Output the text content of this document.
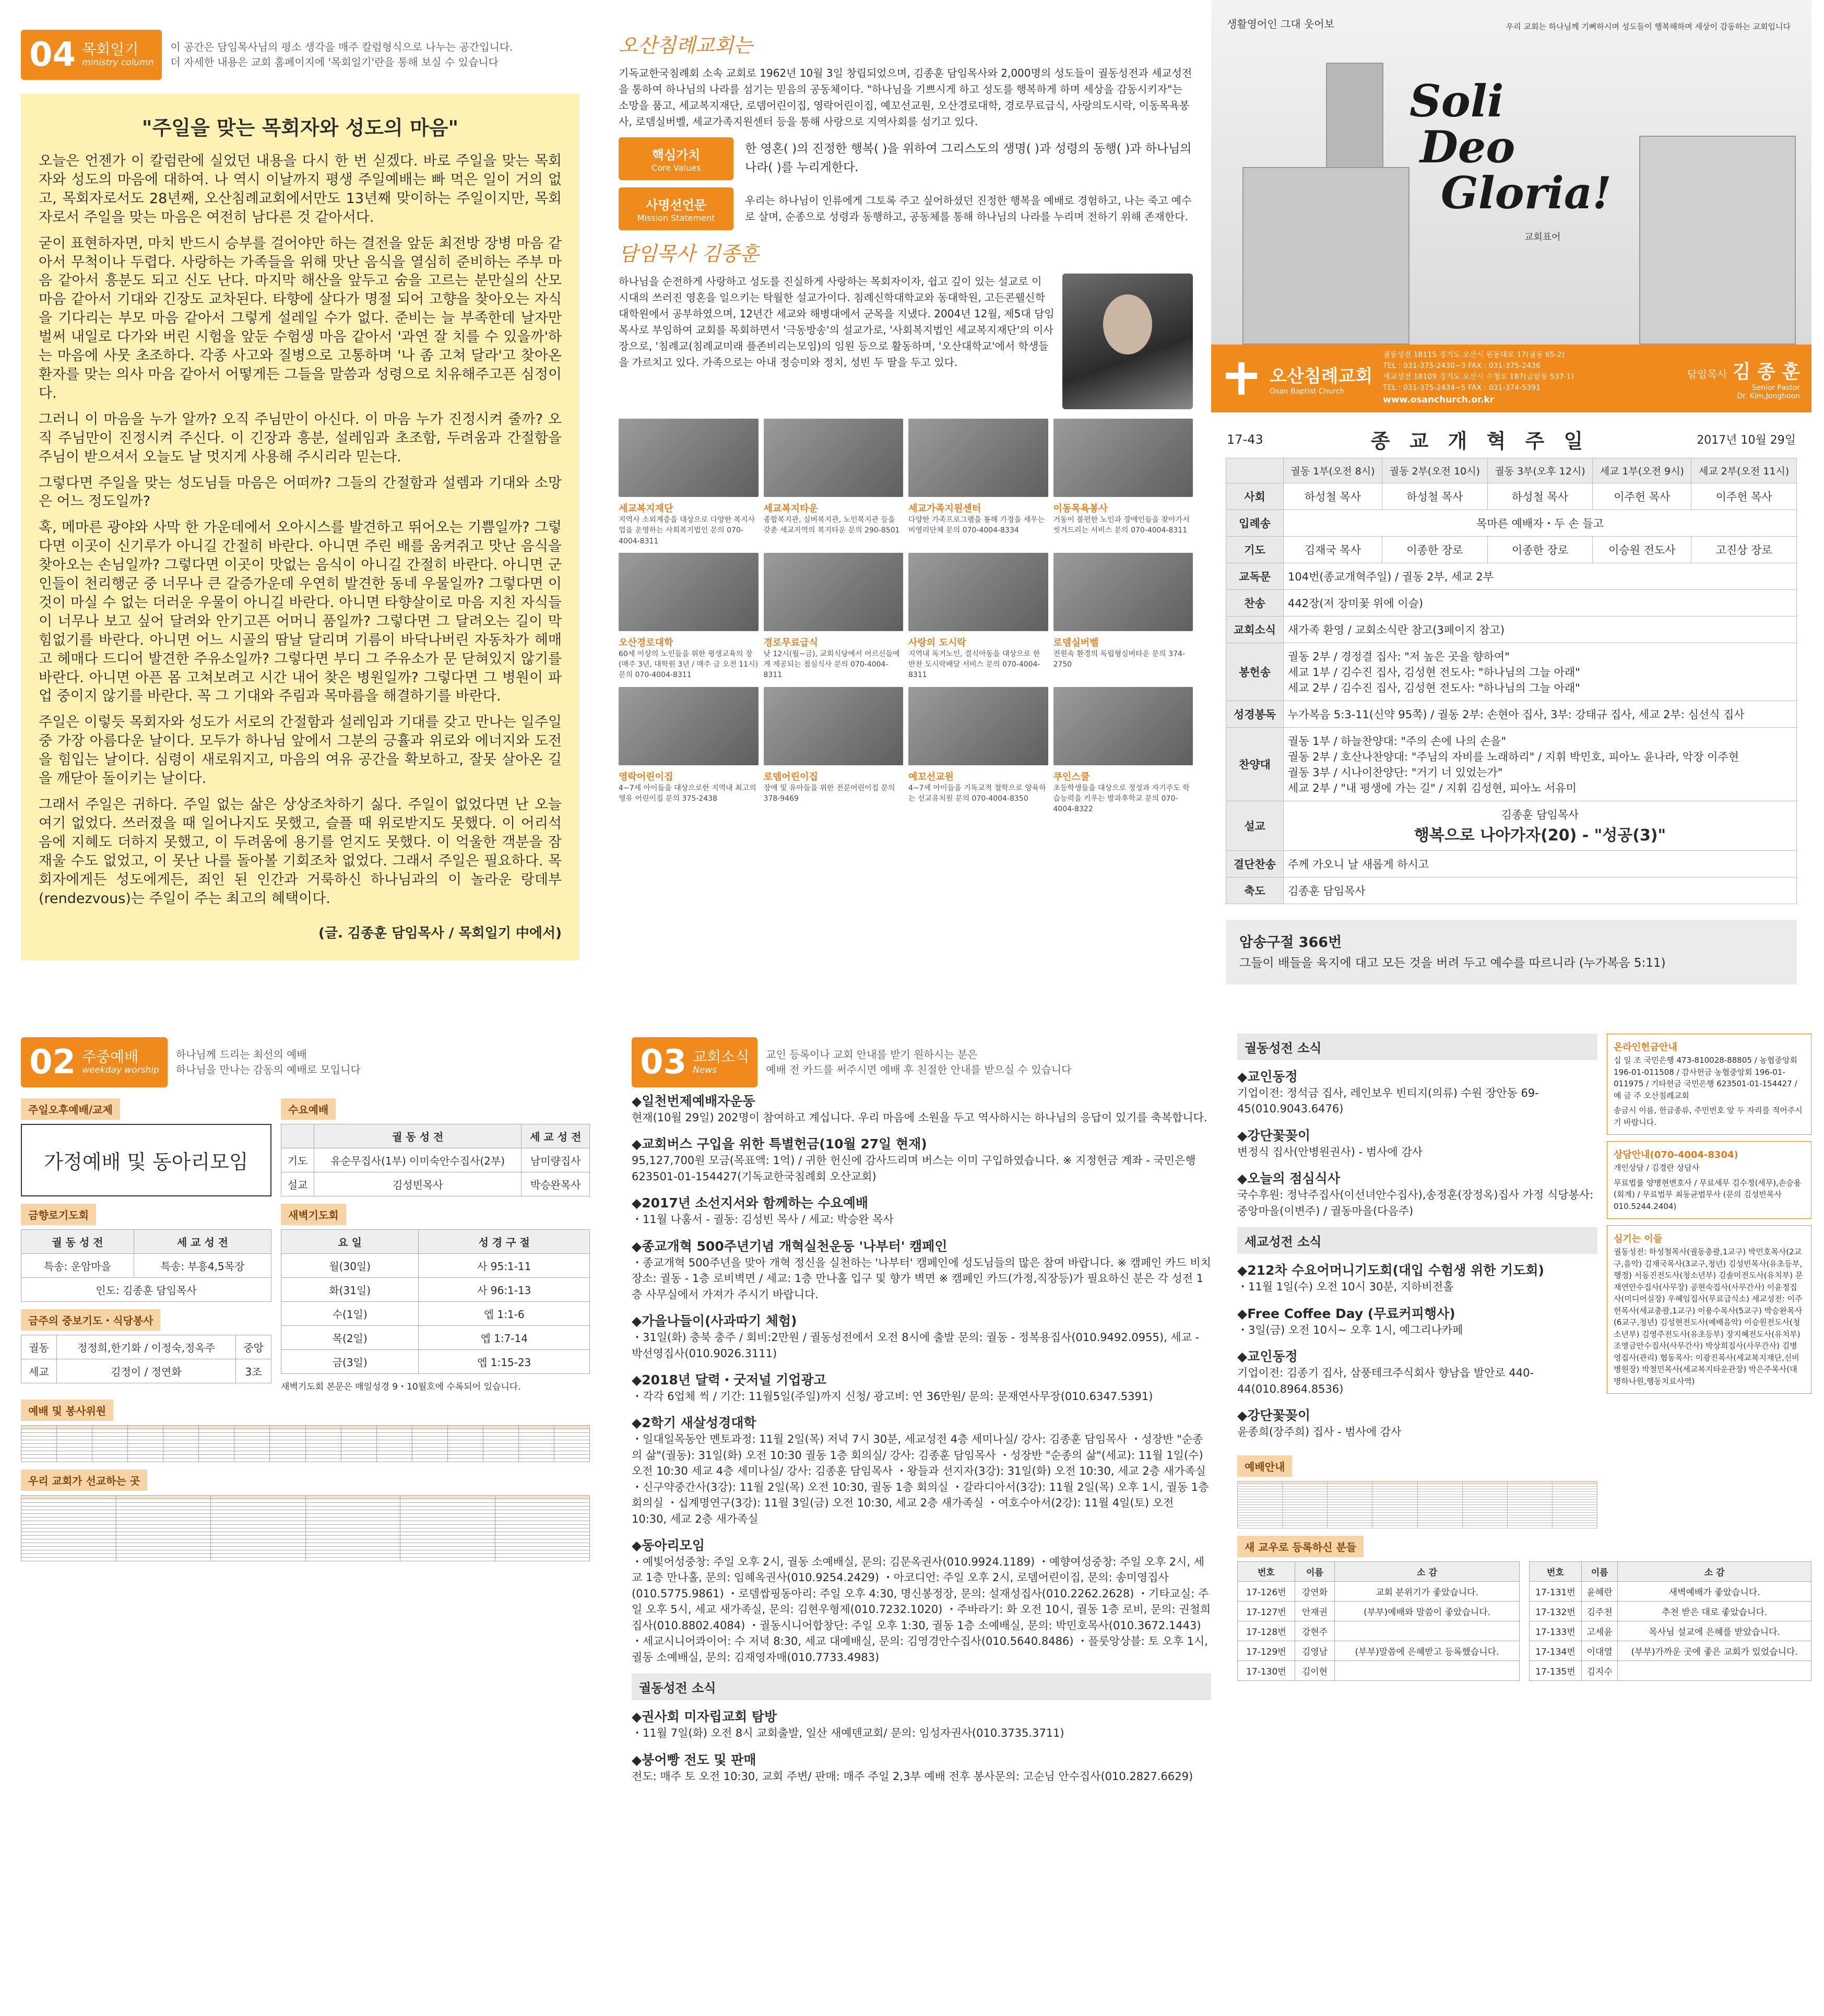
04 목회일기
ministry column
이 공간은 담임목사님의 평소 생각을 매주 칼럼형식으로 나누는 공간입니다.
더 자세한 내용은 교회 홈페이지에 '목회일기'란을 통해 보실 수 있습니다
"주일을 맞는 목회자와 성도의 마음"

오늘은 언젠가 이 칼럼란에 실었던 내용을 다시 한 번 싣겠다. 바로 주일을 맞는 목회자와 성도의 마음에 대하여. 나 역시 이날까지 평생 주일예배는 빠 먹은 일이 거의 없고, 목회자로서도 28년째, 오산침례교회에서만도 13년째 맞이하는 주일이지만, 목회자로서 주일을 맞는 마음은 여전히 남다른 것 같아서다.

굳이 표현하자면, 마치 반드시 승부를 걸어야만 하는 결전을 앞둔 최전방 장병 마음 같아서 무척이나 두렵다. 사랑하는 가족들을 위해 맛난 음식을 열심히 준비하는 주부 마음 같아서 흥분도 되고 신도 난다. 마지막 해산을 앞두고 숨을 고르는 분만실의 산모 마음 같아서 기대와 긴장도 교차된다. 타향에 살다가 명절 되어 고향을 찾아오는 자식을 기다리는 부모 마음 같아서 그렇게 설레일 수가 없다. 준비는 늘 부족한데 날자만 벌써 내일로 다가와 버린 시험을 앞둔 수험생 마음 같아서 '과연 잘 치를 수 있을까'하는 마음에 사뭇 초조하다. 각종 사고와 질병으로 고통하며 '나 좀 고쳐 달라'고 찾아온 환자를 맞는 의사 마음 같아서 어떻게든 그들을 말씀과 성령으로 치유해주고픈 심정이다.

그러니 이 마음을 누가 알까? 오직 주님만이 아신다. 이 마음 누가 진정시켜 줄까? 오직 주님만이 진정시켜 주신다. 이 긴장과 흥분, 설레임과 초조함, 두려움과 간절함을 주님이 받으셔서 오늘도 날 멋지게 사용해 주시리라 믿는다.

그렇다면 주일을 맞는 성도님들 마음은 어떠까? 그들의 간절함과 설렘과 기대와 소망은 어느 정도일까?

혹, 메마른 광야와 사막 한 가운데에서 오아시스를 발견하고 뛰어오는 기쁨일까? 그렇다면 이곳이 신기루가 아니길 간절히 바란다. 아니면 주린 배를 움켜쥐고 맛난 음식을 찾아오는 손님일까? 그렇다면 이곳이 맛없는 음식이 아니길 간절히 바란다. 아니면 군인들이 천리행군 중 너무나 큰 갈증가운데 우연히 발견한 동네 우물일까? 그렇다면 이것이 마실 수 없는 더러운 우물이 아니길 바란다. 아니면 타향살이로 마음 지친 자식들이 너무나 보고 싶어 달려와 안기고픈 어머니 품일까? 그렇다면 그 달려오는 길이 막힘없기를 바란다. 아니면 어느 시골의 땀날 달리며 기름이 바닥나버린 자동차가 헤매고 헤매다 드디어 발견한 주유소일까? 그렇다면 부디 그 주유소가 문 닫혀있지 않기를 바란다. 아니면 아픈 몸 고쳐보려고 시간 내어 찾은 병원일까? 그렇다면 그 병원이 파업 중이지 않기를 바란다. 꼭 그 기대와 주림과 목마름을 해결하기를 바란다.

주일은 이렇듯 목회자와 성도가 서로의 간절함과 설레임과 기대를 갖고 만나는 일주일 중 가장 아름다운 날이다. 모두가 하나님 앞에서 그분의 긍휼과 위로와 에너지와 도전을 힘입는 날이다. 심령이 새로워지고, 마음의 여유 공간을 확보하고, 잘못 살아온 길을 깨닫아 돌이키는 날이다.

그래서 주일은 귀하다. 주일 없는 삶은 상상조차하기 싫다. 주일이 없었다면 난 오늘 여기 없었다. 쓰러졌을 때 일어나지도 못했고, 슬플 때 위로받지도 못했다. 이 어리석음에 지혜도 더하지 못했고, 이 두려움에 용기를 얻지도 못했다. 이 억울한 객분을 잠재울 수도 없었고, 이 못난 나를 돌아볼 기회조차 없었다. 그래서 주일은 필요하다. 목회자에게든 성도에게든, 죄인 된 인간과 거룩하신 하나님과의 이 놀라운 랑데부(rendezvous)는 주일이 주는 최고의 혜택이다.

(글. 김종훈 담임목사 / 목회일기 中에서)
오산침례교회는
기독교한국침례회 소속 교회로 1962년 10월 3일 창립되었으며, 김종훈 담임목사와 2,000명의 성도들이 궐동성전과 세교성전을 통하여 하나님의 나라를 섬기는 믿음의 공동체이다. "하나님을 기쁘시게 하고 성도를 행복하게 하며 세상을 감동시키자"는 소망을 품고, 세교복지재단, 로뎀어린이집, 영락어린이집, 예꼬선교원, 오산경로대학, 경로무료급식, 사랑의도시락, 이동목욕봉사, 로뎀실버벨, 세교가족지원센터 등을 통해 사랑으로 지역사회를 섬기고 있다.
핵심가치
Core Values
한 영혼( )의 진정한 행복( )을 위하여 그리스도의 생명( )과 성령의 동행( )과 하나님의 나라( )를 누리게한다.
사명선언문
Mission Statement
우리는 하나님이 인류에게 그토록 주고 싶어하셨던 진정한 행복을 예배로 경험하고, 나는 죽고 예수로 살며, 순종으로 성령과 동행하고, 공동체를 통해 하나님의 나라를 누리며 전하기 위해 존재한다.
담임목사 김종훈
하나님을 순전하게 사랑하고 성도를 진실하게 사랑하는 목회자이자, 쉽고 깊이 있는 설교로 이 시대의 쓰러진 영혼을 일으키는 탁월한 설교가이다. 침례신학대학교와 동대학원, 고든콘웰신학대학원에서 공부하였으며, 12년간 세교와 해병대에서 군목을 지냈다. 2004년 12월, 제5대 담임목사로 부임하여 교회를 목회하면서 '극동방송'의 설교가로, '사회복지법인 세교복지재단'의 이사장으로, '침례교(침례교미래 플존비리는모임)의 임원 등으로 활동하며, '오산대학교'에서 학생들을 가르치고 있다. 가족으로는 아내 정승미와 정치, 성빈 두 딸을 두고 있다.
세교복지재단
지역사 소외계층을 대상으로 다양한 복지사업을 운영하는 사회복지법인 문의 070-4004-8311
세교복지타운
종합복지관, 실버복지관, 노인복지관 등을 갖춘 세교지역의 복지타운 문의 290-8501
세교가족지원센터
다양한 가족프로그램을 통해 가정을 세우는 비영리단체 문의 070-4004-8334
이동목욕봉사
거동이 불편한 노인과 장애인들을 찾아가서 씻겨드리는 서비스 문의 070-4004-8311
오산경로대학
60세 이상의 노인들을 위한 평생교육의 장(매주 3년, 대학원 3년 / 매주 금 오전 11시) 문의 070-4004-8311
경로무료급식
낮 12시(월~금), 교회식당에서 어르신들에게 제공되는 점심식사 문의 070-4004-8311
사랑의 도시락
지역내 독거노인, 결식아동을 대상으로 한 반찬 도시락배달 서비스 문의 070-4004-8311
로뎀실버벨
전원속 환경의 독립형실버타운 문의 374-2750
영락어린이집
4~7세 아이들을 대상으로한 지역내 최고의 영유 어린이집 문의 375-2438
로뎀어린이집
장애 및 유아들을 위한 전문어린이집 문의 378-9469
예꼬선교원
4~7세 아이들을 기독교적 철학으로 양육하는 선교유치원 문의 070-4004-8350
쿠인스쿨
초등학생들을 대상으로 정성과 자기주도 학습능력을 키우는 방과후학교 문의 070-4004-8322
생활영어인 그대 웃어보	우리 교회는 하나님께 기뻐하시며 성도들이 행복해하며 세상이 감동하는 교회입니다
Soli
Deo
Gloria!
교회표어
오산침례교회
Osan Baptist Church
궐동성전 18115 경기도 오산시 원동대로 17(궐동 65-2)
TEL : 031-375-2430~3 FAX : 031-375-2436
세교성전 18109 경기도 오산시 수청로 187(금암동 537-1)
TEL : 031-375-2434~5 FAX : 031-374-5391
www.osanchurch.or.kr
담임목사 김 종 훈
Senior Pastor
Dr. Kim,Jonghoon
17-43	종 교 개 혁 주 일	2017년 10월 29일
	궐동 1부(오전 8시)	궐동 2부(오전 10시)	궐동 3부(오후 12시)	세교 1부(오전 9시)	세교 2부(오전 11시)
사회	하성철 목사	하성철 목사	하성철 목사	이주헌 목사	이주헌 목사
입례송	목마른 예배자・두 손 들고				

기도	김재국 목사	이종한 장로	이종한 장로	이승원 전도사	고진상 장로
교독문	104번(종교개혁주일) / 궐동 2부, 세교 2부				

찬송	442장(저 장미꽃 위에 이슬)				

교회소식	새가족 환영 / 교회소식란 참고(3페이지 참고)				

봉헌송	궐동 2부 / 경정결 집사: "저 높은 곳을 향하여"
세교 1부 / 김수진 집사, 김성현 전도사: "하나님의 그늘 아래"
세교 2부 / 김수진 집사, 김성현 전도사: "하나님의 그늘 아래"				

성경봉독	누가복음 5:3-11(신약 95쪽) / 궐동 2부: 손현아 집사, 3부: 강태규 집사, 세교 2부: 심선식 집사				

찬양대	궐동 1부 / 하늘찬양대: "주의 손에 나의 손을"
궐동 2부 / 호산나찬양대: "주님의 자비를 노래하리" / 지휘 박민호, 피아노 윤나라, 악장 이주현
궐동 3부 / 시나이찬양단: "거기 너 있었는가"
세교 2부 / "내 평생에 가는 길" / 지휘 김성현, 피아노 서유미				

설교	김종훈 담임목사
행복으로 나아가자(20) - "성공(3)"				

결단찬송	주께 가오니 날 새롭게 하시고				

축도	김종훈 담임목사				
암송구절 366번
그들이 배들을 육지에 대고 모든 것을 버려 두고 예수를 따르니라 (누가복음 5:11)
02 주중예배
weekday worship
하나님께 드리는 최선의 예배
하나님을 만나는 감동의 예배로 모입니다
주일오후예배/교제
가정예배 및 동아리모임
금향로기도회
궐 동 성 전	세 교 성 전
특송: 운암마을	특송: 부흥4,5목장
인도: 김종훈 담임목사	
금주의 중보기도・식당봉사
궐동	정정희,한기화 / 이정숙,정옥주	중앙
세교	김정이 / 정연화	3조
수요예배
	궐 동 성 전	세 교 성 전
기도	유순무집사(1부) 이미숙안수집사(2부)	남미량집사
설교	김성빈목사	박승완목사
새벽기도회
요 일	성 경 구 절
월(30일)	사 95:1-11
화(31일)	사 96:1-13
수(1일)	엡 1:1-6
목(2일)	엡 1:7-14
금(3일)	엡 1:15-23
새벽기도회 본문은 매일성경 9・10월호에 수록되어 있습니다.
예배 및 봉사위원

우리 교회가 선교하는 곳

03 교회소식
News
교인 등록이나 교회 안내를 받기 원하시는 분은
예배 전 카드를 써주시면 예배 후 친절한 안내를 받으실 수 있습니다
◆일천번제예배자운동
현재(10월 29일) 202명이 참여하고 계십니다. 우리 마음에 소원을 두고 역사하시는 하나님의 응답이 있기를 축복합니다.
◆교회버스 구입을 위한 특별헌금(10월 27일 현재)
95,127,700원 모금(목표액: 1억) / 귀한 헌신에 감사드리며 버스는 이미 구입하였습니다. ※ 지정헌금 계좌 - 국민은행 623501-01-154427(기독교한국침례회 오산교회)
◆2017년 소선지서와 함께하는 수요예배
・11월 나훔서 - 궐동: 김성빈 목사 / 세교: 박승완 목사
◆종교개혁 500주년기념 개혁실천운동 '나부터' 캠페인
・종교개혁 500주년을 맞아 개혁 정신을 실천하는 '나부터' 캠페인에 성도님들의 많은 참여 바랍니다. ※ 캠페인 카드 비치 장소: 궐동 - 1층 로비벽면 / 세교: 1층 만나홀 입구 및 향가 벽면 ※ 캠페인 카드(가정,직장등)가 필요하신 분은 각 성전 1층 사무실에서 가져가 주시기 바랍니다.
◆가을나들이(사과따기 체험)
・31일(화) 충북 충주 / 회비:2만원 / 궐동성전에서 오전 8시에 출발 문의: 궐동 - 정복용집사(010.9492.0955), 세교 - 박선영집사(010.9026.3111)
◆2018년 달력・굿저널 기업광고
・각각 6업체 씩 / 기간: 11월5일(주일)까지 신청/ 광고비: 연 36만원/ 문의: 문재연사무장(010.6347.5391)
◆2학기 새살성경대학
・일대일목동안 멘토과정: 11월 2일(목) 저녁 7시 30분, 세교성전 4층 세미나실/ 강사: 김종훈 담임목사 ・성장반 "순종의 삶"(궐동): 31일(화) 오전 10:30 궐동 1층 회의실/ 강사: 김종훈 담임목사 ・성장반 "순종의 삶"(세교): 11월 1일(수) 오전 10:30 세교 4층 세미나실/ 강사: 김종훈 담임목사 ・왕들과 선지자(3강): 31일(화) 오전 10:30, 세교 2층 새가족실 ・신구약중간사(3강): 11월 2일(목) 오전 10:30, 궐동 1층 회의실 ・갈라디아서(3강): 11월 2일(목) 오후 1시, 궐동 1층 회의실 ・십계명연구(3강): 11월 3일(금) 오전 10:30, 세교 2층 새가족실 ・여호수아서(2강): 11월 4일(토) 오전 10:30, 세교 2층 새가족실
◆동아리모임
・예빛어성중창: 주일 오후 2시, 궐동 소예배실, 문의: 김문옥권사(010.9924.1189) ・예향여성중창: 주일 오후 2시, 세교 1층 만나홀, 문의: 임혜옥권사(010.9254.2429) ・아코디언: 주일 오후 2시, 로뎀어린이집, 문의: 송미영집사(010.5775.9861) ・로뎀쌉핑동아리: 주일 오후 4:30, 명신봉정장, 문의: 설재성집사(010.2262.2628) ・기타교실: 주일 오후 5시, 세교 새가족실, 문의: 김현우형제(010.7232.1020) ・주바라기: 화 오전 10시, 궐동 1층 로비, 문의: 권철희집사(010.8802.4084) ・궐동시니어합창단: 주일 오후 1:30, 궐동 1층 소예배실, 문의: 박민호목사(010.3672.1443) ・세교시니어콰이어: 수 저녁 8:30, 세교 대예배실, 문의: 김영경안수집사(010.5640.8486) ・플룻앙상블: 토 오후 1시, 궐동 소예배실, 문의: 김재영자매(010.7733.4983)
궐동성전 소식
◆권사회 미자립교회 탐방
・11월 7일(화) 오전 8시 교회출발, 일산 새예덴교회/ 문의: 임성자권사(010.3735.3711)
◆붕어빵 전도 및 판매
전도: 매주 토 오전 10:30, 교회 주변/ 판매: 매주 주일 2,3부 예배 전후 봉사문의: 고순님 안수집사(010.2827.6629)
궐동성전 소식
◆교인동정
기업이전: 정석금 집사, 레인보우 빈티지(의류) 수원 장안동 69-45(010.9043.6476)
◆강단꽃꽂이
변정식 집사(안병원권사) - 범사에 감사
◆오늘의 점심식사
국수후원: 정낙주집사(이선녀안수집사),송정훈(장정옥)집사 가정 식당봉사: 중앙마을(이변주) / 궐동마을(다음주)
세교성전 소식
◆212차 수요어머니기도회(대입 수험생 위한 기도회)
・11월 1일(수) 오전 10시 30분, 지하비전홀
◆Free Coffee Day (무료커피행사)
・3일(금) 오전 10시~ 오후 1시, 예그리나카페
◆교인동정
기업이전: 김종기 집사, 삼풍테크주식회사 향남읍 발안로 440-44(010.8964.8536)
◆강단꽃꽂이
윤종희(장주희) 집사 - 범사에 감사
예배안내

온라인헌금안내
십 일 조 국민은행 473-810028-88805 / 농협중앙회 196-01-011508 / 감사헌금 농협중앙회 196-01-011975 / 기타헌금 국민은행 623501-01-154427 / 예 금 주 오산침례교회
송금시 이름, 헌금종류, 주민번호 앞 두 자리를 적어주시기 바랍니다.
상담안내(070-4004-8304)
개인상담 / 김경란 상담사
무료법률 양병현변호사 / 무료세무 김수정(세무),손승용(회계) / 무료법무 최동균법무사 (문의 김성빈목사 010.5244.2404)
심기는 이들
궐동성전: 하성철목사(궐동총괄,1교구) 박민호목사(2교구,음악) 김재국목사(3교구,청년) 김성빈목사(유초등부,행정) 서동진전도사(청소년부) 김솔미전도사(유치부) 문재연안수집사(사무장) 공현숙집사(사무간사) 이윤정집사(미디어실장) 우혜임집사(무료급식소) 세교성전: 이주헌목사(세교총괄,1교구) 이용수목사(5교구) 박승완목사(6교구,청년) 김성현전도사(예배음악) 이승원전도사(청소년부) 김영주전도사(유초등부) 장지혜전도사(유치부) 조영금안수집사(사무간사) 박상희집사(사무간사) 김병영집사(관리) 협동목사: 이광진목사(세교복지재단,신비병원장) 박철민목사(세교복지타운관장) 박은주목사(대명하나원,행동치료사역)
새 교우로 등록하신 분들
번호	이름	소 감
17-126번	강연화	교회 분위기가 좋았습니다.
17-127번	안재권	(부부)예배와 말씀이 좋았습니다.
17-128번	강현주	
17-129번	김영남	(부부)말씀에 은혜받고 등록했습니다.
17-130번	김이현	
번호	이름	소 감
17-131번	윤혜란	새벽예배가 좋았습니다.
17-132번	김주천	추천 받은 대로 좋았습니다.
17-133번	고세윤	목사님 설교에 은혜를 받았습니다.
17-134번	이대열	(부부)가까운 곳에 좋은 교회가 있었습니다.
17-135번	김지수	
